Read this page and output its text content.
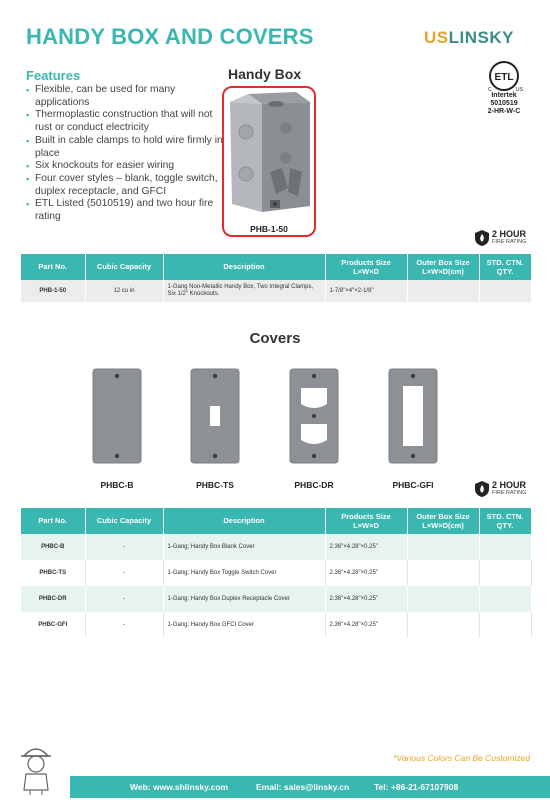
HANDY BOX AND COVERS	USLINSKY
Features
▪ Flexible, can be used for many applications
▪ Thermoplastic construction that will not rust or conduct electricity
▪ Built in cable clamps to hold wire firmly in place
▪ Six knockouts for easier wiring
▪ Four cover styles – blank, toggle switch, duplex receptacle, and GFCI
▪ ETL Listed (5010519) and two hour fire rating
Handy Box
PHB-1-50
ETL
C	US
Intertek
5010519
2-HR-W-C
2 HOUR
FIRE RATING
Part No.	Cubic Capacity	Description	Products Size L×W×D	Outer Box Size L×W×D(cm)	STD. CTN. QTY.
PHB-1-50	12 cu in	1-Gang Non-Metallic Handy Box, Two Integral Clamps, Six 1/2" Knockouts.	1-7/8"×4"×2-1/8"		
Covers
PHBC-B	PHBC-TS	PHBC-DR	PHBC-GFI	2 HOUR
FIRE RATING
Part No.	Cubic Capacity	Description	Products Size L×W×D	Outer Box Size L×W×D(cm)	STD. CTN. QTY.
PHBC-B	-	1-Gang; Handy Box Blank Cover	2.36"×4.28"×0.25"		
PHBC-TS	-	1-Gang; Handy Box Toggle Switch Cover	2.36"×4.28"×0.25"		
PHBC-DR	-	1-Gang; Handy Box Duplex Receptacle Cover	2.36"×4.28"×0.25"		
PHBC-GFI	-	1-Gang; Handy Box GFCI Cover	2.36"×4.28"×0.25"		
*Various Colors Can Be Customized
Web: www.shlinsky.com	Email: sales@linsky.cn	Tel: +86-21-67107908
